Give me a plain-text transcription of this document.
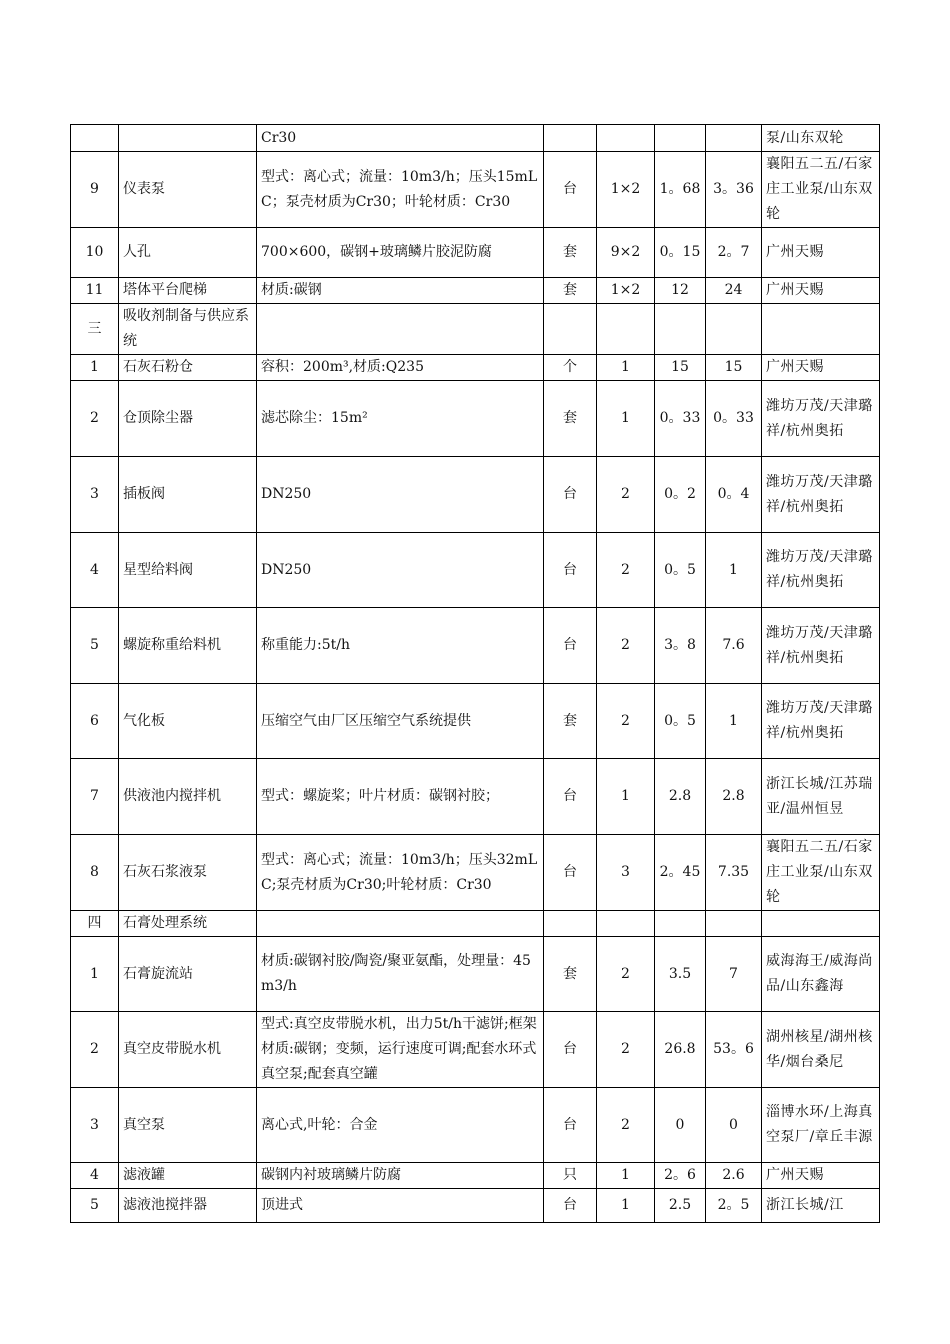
		Cr30					泵/山东双轮
9	仪表泵	型式：离心式；流量：10m3/h；压头15mLC；泵壳材质为Cr30；叶轮材质：Cr30	台	1×2	1。68	3。36	襄阳五二五/石家庄工业泵/山东双轮
10	人孔	700×600，碳钢+玻璃鳞片胶泥防腐	套	9×2	0。15	2。7	广州天赐
11	塔体平台爬梯	材质:碳钢	套	1×2	12	24	广州天赐
三	吸收剂制备与供应系统						
1	石灰石粉仓	容积：200m³,材质:Q235	个	1	15	15	广州天赐
2	仓顶除尘器	滤芯除尘：15m²	套	1	0。33	0。33	潍坊万茂/天津璐祥/杭州奥拓
3	插板阀	DN250	台	2	0。2	0。4	潍坊万茂/天津璐祥/杭州奥拓
4	星型给料阀	DN250	台	2	0。5	1	潍坊万茂/天津璐祥/杭州奥拓
5	螺旋称重给料机	称重能力:5t/h	台	2	3。8	7.6	潍坊万茂/天津璐祥/杭州奥拓
6	气化板	压缩空气由厂区压缩空气系统提供	套	2	0。5	1	潍坊万茂/天津璐祥/杭州奥拓
7	供液池内搅拌机	型式：螺旋桨；叶片材质：碳钢衬胶；	台	1	2.8	2.8	浙江长城/江苏瑞亚/温州恒昱
8	石灰石浆液泵	型式：离心式；流量：10m3/h；压头32mLC;泵壳材质为Cr30;叶轮材质：Cr30	台	3	2。45	7.35	襄阳五二五/石家庄工业泵/山东双轮
四	石膏处理系统						
1	石膏旋流站	材质:碳钢衬胶/陶瓷/聚亚氨酯，处理量：45m3/h	套	2	3.5	7	威海海王/威海尚品/山东鑫海
2	真空皮带脱水机	型式:真空皮带脱水机，出力5t/h干滤饼;框架材质:碳钢；变频，运行速度可调;配套水环式真空泵;配套真空罐	台	2	26.8	53。6	湖州核星/湖州核华/烟台桑尼
3	真空泵	离心式,叶轮：合金	台	2	0	0	淄博水环/上海真空泵厂/章丘丰源
4	滤液罐	碳钢内衬玻璃鳞片防腐	只	1	2。6	2.6	广州天赐
5	滤液池搅拌器	顶进式	台	1	2.5	2。5	浙江长城/江
